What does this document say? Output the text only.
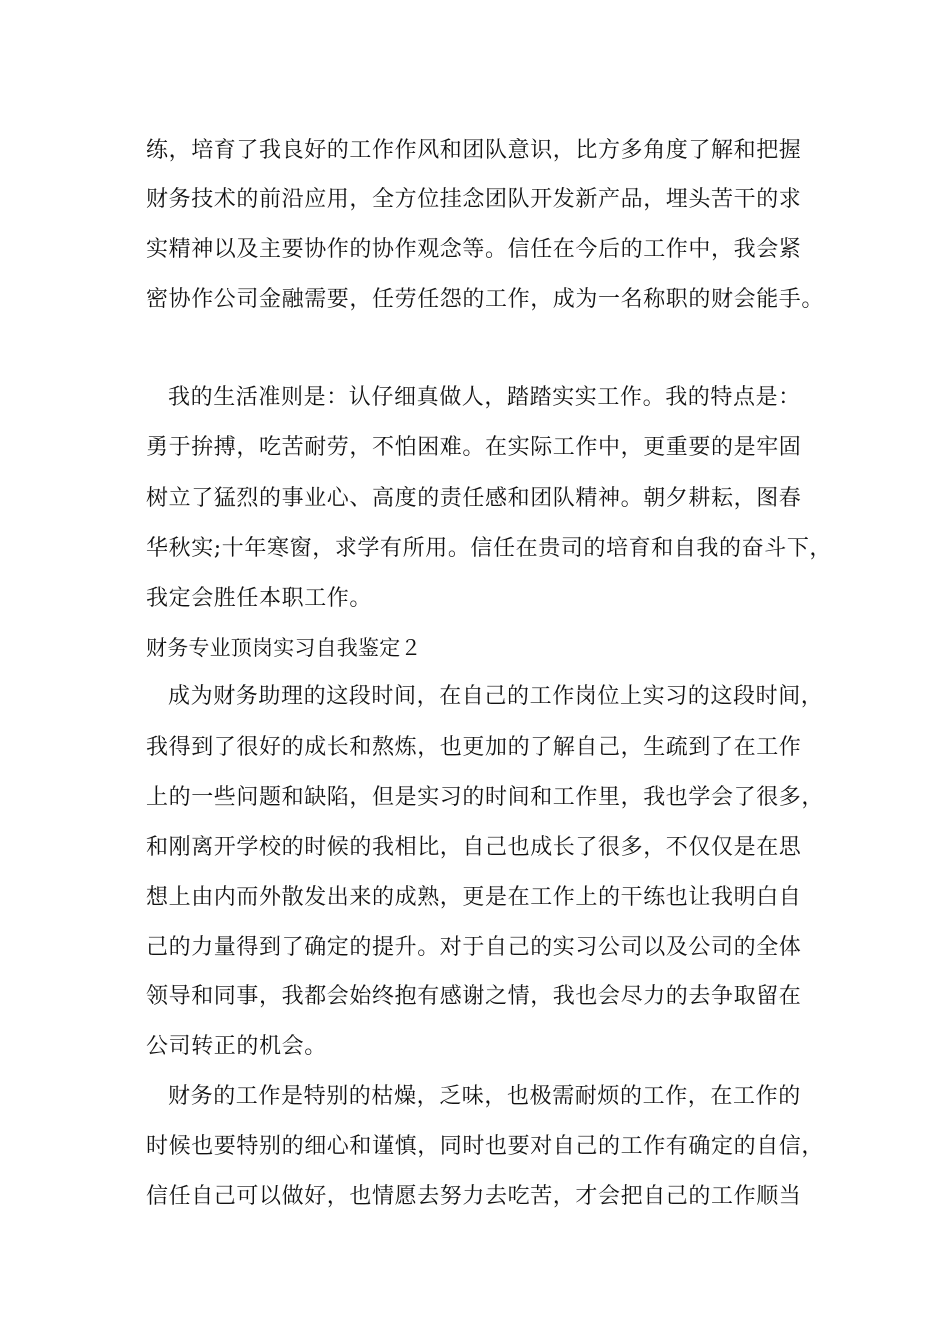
练，培育了我良好的工作作风和团队意识，比方多角度了解和把握
财务技术的前沿应用，全方位挂念团队开发新产品，埋头苦干的求
实精神以及主要协作的协作观念等。信任在今后的工作中，我会紧
密协作公司金融需要，任劳任怨的工作，成为一名称职的财会能手。
我的生活准则是：认仔细真做人，踏踏实实工作。我的特点是：
勇于拚搏，吃苦耐劳，不怕困难。在实际工作中，更重要的是牢固
树立了猛烈的事业心、高度的责任感和团队精神。朝夕耕耘，图春
华秋实;十年寒窗，求学有所用。信任在贵司的培育和自我的奋斗下，
我定会胜任本职工作。
财务专业顶岗实习自我鉴定２
成为财务助理的这段时间，在自己的工作岗位上实习的这段时间，
我得到了很好的成长和熬炼，也更加的了解自己，生疏到了在工作
上的一些问题和缺陷，但是实习的时间和工作里，我也学会了很多，
和刚离开学校的时候的我相比，自己也成长了很多，不仅仅是在思
想上由内而外散发出来的成熟，更是在工作上的干练也让我明白自
己的力量得到了确定的提升。对于自己的实习公司以及公司的全体
领导和同事，我都会始终抱有感谢之情，我也会尽力的去争取留在
公司转正的机会。
财务的工作是特别的枯燥，乏味，也极需耐烦的工作，在工作的
时候也要特别的细心和谨慎，同时也要对自己的工作有确定的自信，
信任自己可以做好，也情愿去努力去吃苦，才会把自己的工作顺当
